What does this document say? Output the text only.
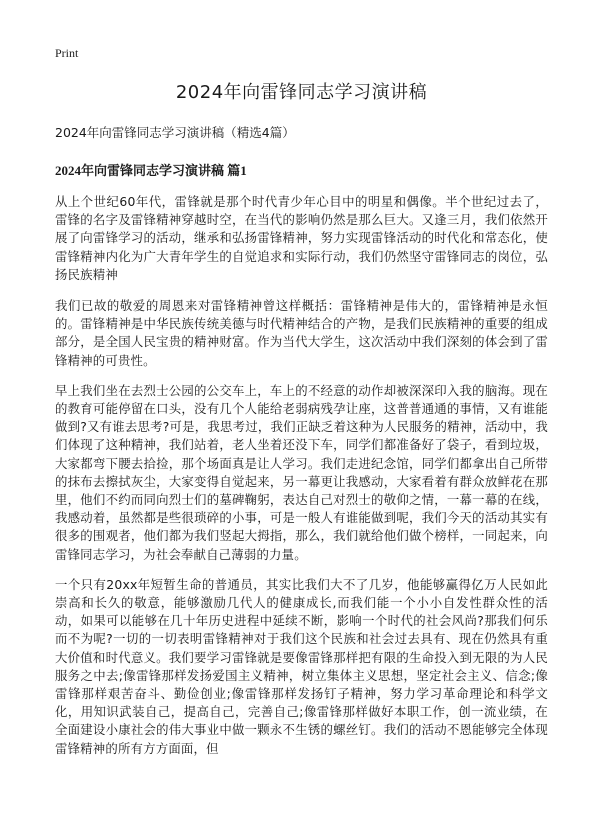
Print
2024年向雷锋同志学习演讲稿

2024年向雷锋同志学习演讲稿（精选4篇）

2024年向雷锋同志学习演讲稿 篇1

从上个世纪60年代，雷锋就是那个时代青少年心目中的明星和偶像。半个世纪过去了，雷锋的名字及雷锋精神穿越时空，在当代的影响仍然是那么巨大。又逢三月，我们依然开展了向雷锋学习的活动，继承和弘扬雷锋精神，努力实现雷锋活动的时代化和常态化，使雷锋精神内化为广大青年学生的自觉追求和实际行动，我们仍然坚守雷锋同志的岗位，弘扬民族精神

我们已故的敬爱的周恩来对雷锋精神曾这样概括：雷锋精神是伟大的，雷锋精神是永恒的。雷锋精神是中华民族传统美德与时代精神结合的产物，是我们民族精神的重要的组成部分，是全国人民宝贵的精神财富。作为当代大学生，这次活动中我们深刻的体会到了雷锋精神的可贵性。

早上我们坐在去烈士公园的公交车上，车上的不经意的动作却被深深印入我的脑海。现在的教育可能停留在口头，没有几个人能给老弱病残孕让座，这普普通通的事情，又有谁能做到?又有谁去思考?可是，我思考过，我们正缺乏着这种为人民服务的精神，活动中，我们体现了这种精神，我们站着，老人坐着还没下车，同学们都准备好了袋子，看到垃圾，大家都弯下腰去拾捡，那个场面真是让人学习。我们走进纪念馆，同学们都拿出自己所带的抹布去擦拭灰尘，大家变得自觉起来，另一幕更让我感动，大家看着有群众放鲜花在那里，他们不约而同向烈士们的墓碑鞠躬，表达自己对烈士的敬仰之情，一幕一幕的在线，我感动着，虽然都是些很琐碎的小事，可是一般人有谁能做到呢，我们今天的活动其实有很多的围观者，他们都为我们竖起大拇指，那么，我们就给他们做个榜样，一同起来，向雷锋同志学习，为社会奉献自己薄弱的力量。

一个只有20xx年短暂生命的普通员，其实比我们大不了几岁，他能够赢得亿万人民如此崇高和长久的敬意，能够激励几代人的健康成长,而我们能一个小小自发性群众性的活动，如果可以能够在几十年历史进程中延续不断，影响一个时代的社会风尚?那我们何乐而不为呢?一切的一切表明雷锋精神对于我们这个民族和社会过去具有、现在仍然具有重大价值和时代意义。我们要学习雷锋就是要像雷锋那样把有限的生命投入到无限的为人民服务之中去;像雷锋那样发扬爱国主义精神，树立集体主义思想，坚定社会主义、信念;像雷锋那样艰苦奋斗、勤俭创业;像雷锋那样发扬钉子精神，努力学习革命理论和科学文化，用知识武装自己，提高自己，完善自己;像雷锋那样做好本职工作，创一流业绩，在全面建设小康社会的伟大事业中做一颗永不生锈的螺丝钉。我们的活动不恩能够完全体现雷锋精神的所有方方面面，但
